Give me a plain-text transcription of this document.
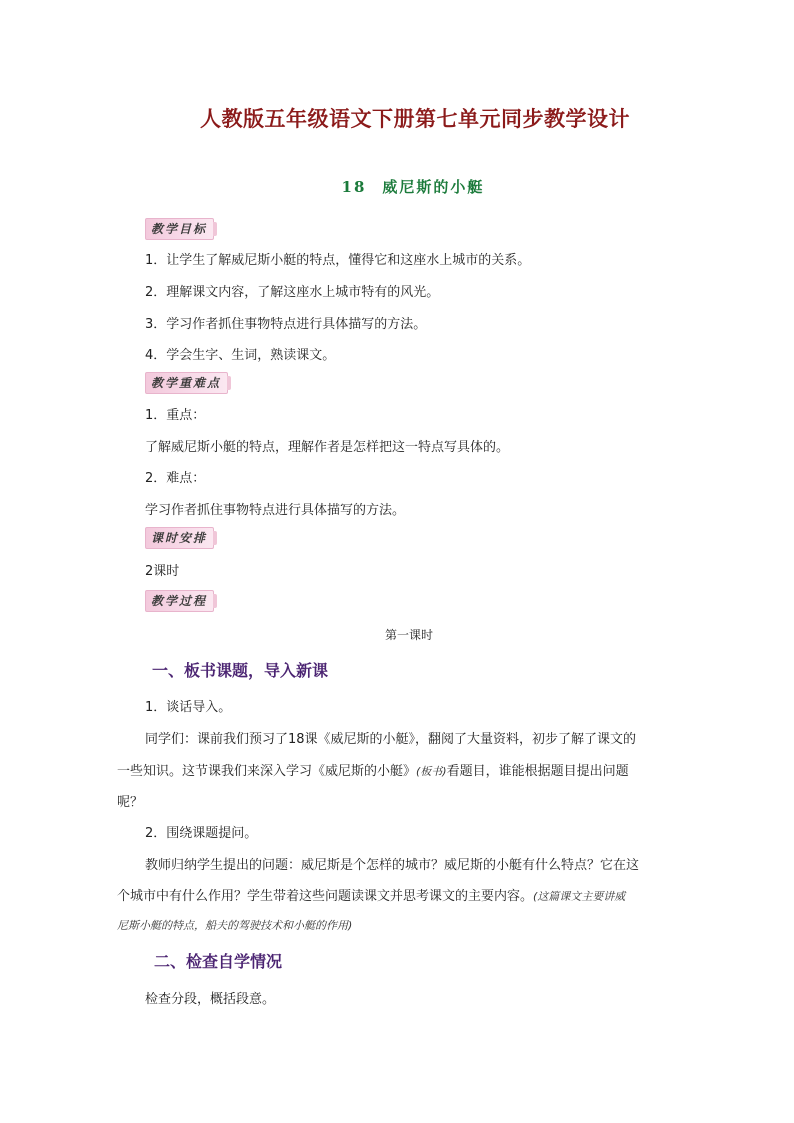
人教版五年级语文下册第七单元同步教学设计
18 威尼斯的小艇
教学目标
1．让学生了解威尼斯小艇的特点，懂得它和这座水上城市的关系。
2．理解课文内容，了解这座水上城市特有的风光。
3．学习作者抓住事物特点进行具体描写的方法。
4．学会生字、生词，熟读课文。
教学重难点
1．重点：
了解威尼斯小艇的特点，理解作者是怎样把这一特点写具体的。
2．难点：
学习作者抓住事物特点进行具体描写的方法。
课时安排
2课时
教学过程
第一课时
一、板书课题，导入新课
1．谈话导入。
同学们：课前我们预习了18课《威尼斯的小艇》，翻阅了大量资料，初步了解了课文的
一些知识。这节课我们来深入学习《威尼斯的小艇》(板书)看题目，谁能根据题目提出问题
呢？
2．围绕课题提问。
教师归纳学生提出的问题：威尼斯是个怎样的城市？威尼斯的小艇有什么特点？它在这
个城市中有什么作用？学生带着这些问题读课文并思考课文的主要内容。(这篇课文主要讲威
尼斯小艇的特点，船夫的驾驶技术和小艇的作用)
二、检查自学情况
检查分段，概括段意。
